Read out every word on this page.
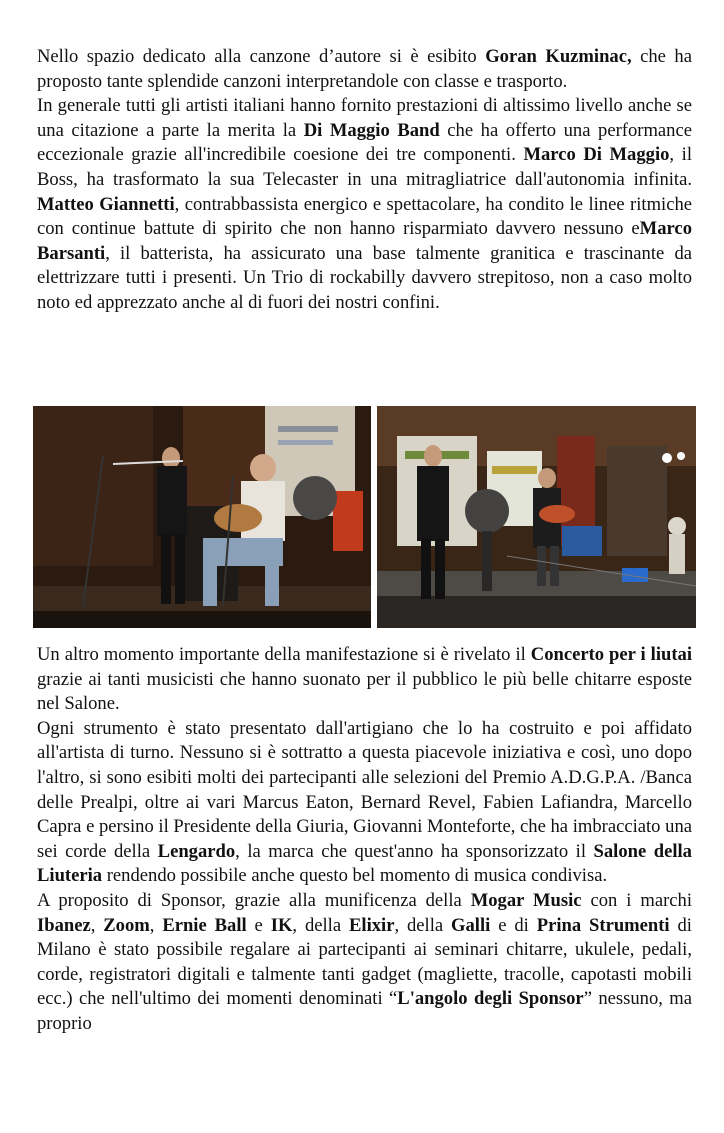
Nello spazio dedicato alla canzone d’autore si è esibito Goran Kuzminac, che ha proposto tante splendide canzoni interpretandole con classe e trasporto.

In generale tutti gli artisti italiani hanno fornito prestazioni di altissimo livello anche se una citazione a parte la merita la Di Maggio Band che ha offerto una performance eccezionale grazie all'incredibile coesione dei tre componenti. Marco Di Maggio, il Boss, ha trasformato la sua Telecaster in una mitragliatrice dall'autonomia infinita. Matteo Giannetti, contrabbassista energico e spettacolare, ha condito le linee ritmiche con continue battute di spirito che non hanno risparmiato davvero nessuno eMarco Barsanti, il batterista, ha assicurato una base talmente granitica e trascinante da elettrizzare tutti i presenti. Un Trio di rockabilly davvero strepitoso, non a caso molto noto ed apprezzato anche al di fuori dei nostri confini.

Un altro momento importante della manifestazione si è rivelato il Concerto per i liutai grazie ai tanti musicisti che hanno suonato per il pubblico le più belle chitarre esposte nel Salone.

Ogni strumento è stato presentato dall'artigiano che lo ha costruito e poi affidato all'artista di turno. Nessuno si è sottratto a questa piacevole iniziativa e così, uno dopo l'altro, si sono esibiti molti dei partecipanti alle selezioni del Premio A.D.G.P.A. /Banca delle Prealpi, oltre ai vari Marcus Eaton, Bernard Revel, Fabien Lafiandra, Marcello Capra e persino il Presidente della Giuria, Giovanni Monteforte, che ha imbracciato una sei corde della Lengardo, la marca che quest'anno ha sponsorizzato il Salone della Liuteria rendendo possibile anche questo bel momento di musica condivisa.

A proposito di Sponsor, grazie alla munificenza della Mogar Music con i marchi Ibanez, Zoom, Ernie Ball e IK, della Elixir, della Galli e di Prina Strumenti di Milano è stato possibile regalare ai partecipanti ai seminari chitarre, ukulele, pedali, corde, registratori digitali e talmente tanti gadget (magliette, tracolle, capotasti mobili ecc.) che nell'ultimo dei momenti denominati “L'angolo degli Sponsor” nessuno, ma proprio
